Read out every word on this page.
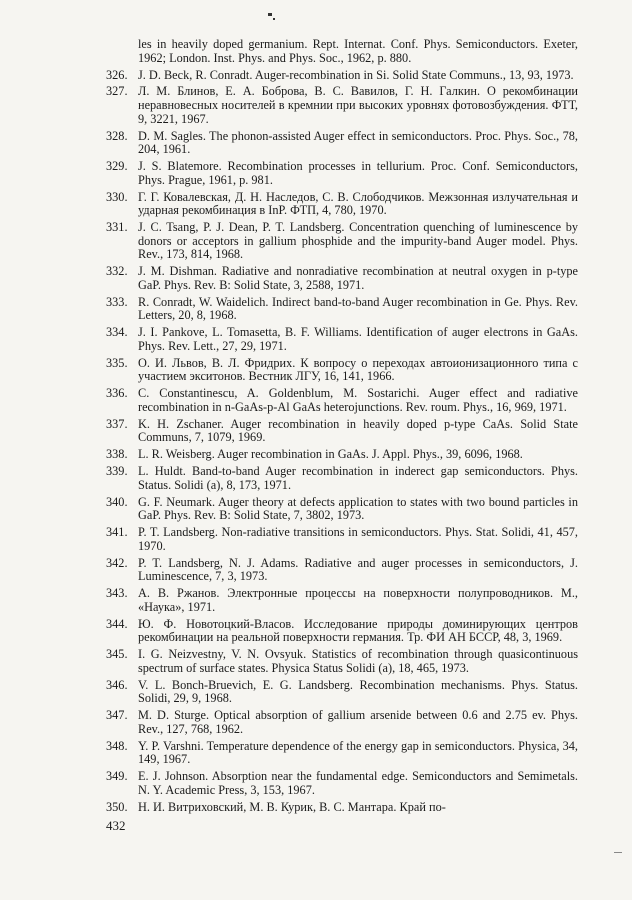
les in heavily doped germanium. Rept. Internat. Conf. Phys. Semiconductors. Exeter, 1962; London. Inst. Phys. and Phys. Soc., 1962, p. 880.
326. J. D. Beck, R. Conradt. Auger-recombination in Si. Solid State Communs., 13, 93, 1973.
327. Л. М. Блинов, Е. А. Боброва, В. С. Вавилов, Г. Н. Галкин. О рекомбинации неравновесных носителей в кремнии при высоких уровнях фотовозбуждения. ФТТ, 9, 3221, 1967.
328. D. M. Sagles. The phonon-assisted Auger effect in semiconductors. Proc. Phys. Soc., 78, 204, 1961.
329. J. S. Blatemore. Recombination processes in tellurium. Proc. Conf. Semiconductors, Phys. Prague, 1961, p. 981.
330. Г. Г. Ковалевская, Д. Н. Наследов, С. В. Слободчиков. Межзонная излучательная и ударная рекомбинация в InP. ФТП, 4, 780, 1970.
331. J. C. Tsang, P. J. Dean, P. T. Landsberg. Concentration quenching of luminescence by donors or acceptors in gallium phosphide and the impurity-band Auger model. Phys. Rev., 173, 814, 1968.
332. J. M. Dishman. Radiative and nonradiative recombination at neutral oxygen in p-type GaP. Phys. Rev. B: Solid State, 3, 2588, 1971.
333. R. Conradt, W. Waidelich. Indirect band-to-band Auger recombination in Ge. Phys. Rev. Letters, 20, 8, 1968.
334. J. I. Pankove, L. Tomasetta, B. F. Williams. Identification of auger electrons in GaAs. Phys. Rev. Lett., 27, 29, 1971.
335. О. И. Львов, В. Л. Фридрих. К вопросу о переходах автоионизационного типа с участием экситонов. Вестник ЛГУ, 16, 141, 1966.
336. C. Constantinescu, A. Goldenblum, M. Sostarichi. Auger effect and radiative recombination in n-GaAs-p-Al GaAs heterojunctions. Rev. roum. Phys., 16, 969, 1971.
337. K. H. Zschaner. Auger recombination in heavily doped p-type CaAs. Solid State Communs, 7, 1079, 1969.
338. L. R. Weisberg. Auger recombination in GaAs. J. Appl. Phys., 39, 6096, 1968.
339. L. Huldt. Band-to-band Auger recombination in inderect gap semiconductors. Phys. Status. Solidi (a), 8, 173, 1971.
340. G. F. Neumark. Auger theory at defects application to states with two bound particles in GaP. Phys. Rev. B: Solid State, 7, 3802, 1973.
341. P. T. Landsberg. Non-radiative transitions in semiconductors. Phys. Stat. Solidi, 41, 457, 1970.
342. P. T. Landsberg, N. J. Adams. Radiative and auger processes in semiconductors, J. Luminescence, 7, 3, 1973.
343. А. В. Ржанов. Электронные процессы на поверхности полупроводников. М., «Наука», 1971.
344. Ю. Ф. Новотоцкий-Власов. Исследование природы доминирующих центров рекомбинации на реальной поверхности германия. Тр. ФИ АН БССР, 48, 3, 1969.
345. I. G. Neizvestny, V. N. Ovsyuk. Statistics of recombination through quasicontinuous spectrum of surface states. Physica Status Solidi (a), 18, 465, 1973.
346. V. L. Bonch-Bruevich, E. G. Landsberg. Recombination mechanisms. Phys. Status. Solidi, 29, 9, 1968.
347. M. D. Sturge. Optical absorption of gallium arsenide between 0.6 and 2.75 ev. Phys. Rev., 127, 768, 1962.
348. Y. P. Varshni. Temperature dependence of the energy gap in semiconductors. Physica, 34, 149, 1967.
349. E. J. Johnson. Absorption near the fundamental edge. Semiconductors and Semimetals. N. Y. Academic Press, 3, 153, 1967.
350. Н. И. Витриховский, М. В. Курик, В. С. Мантара. Край по-
432
